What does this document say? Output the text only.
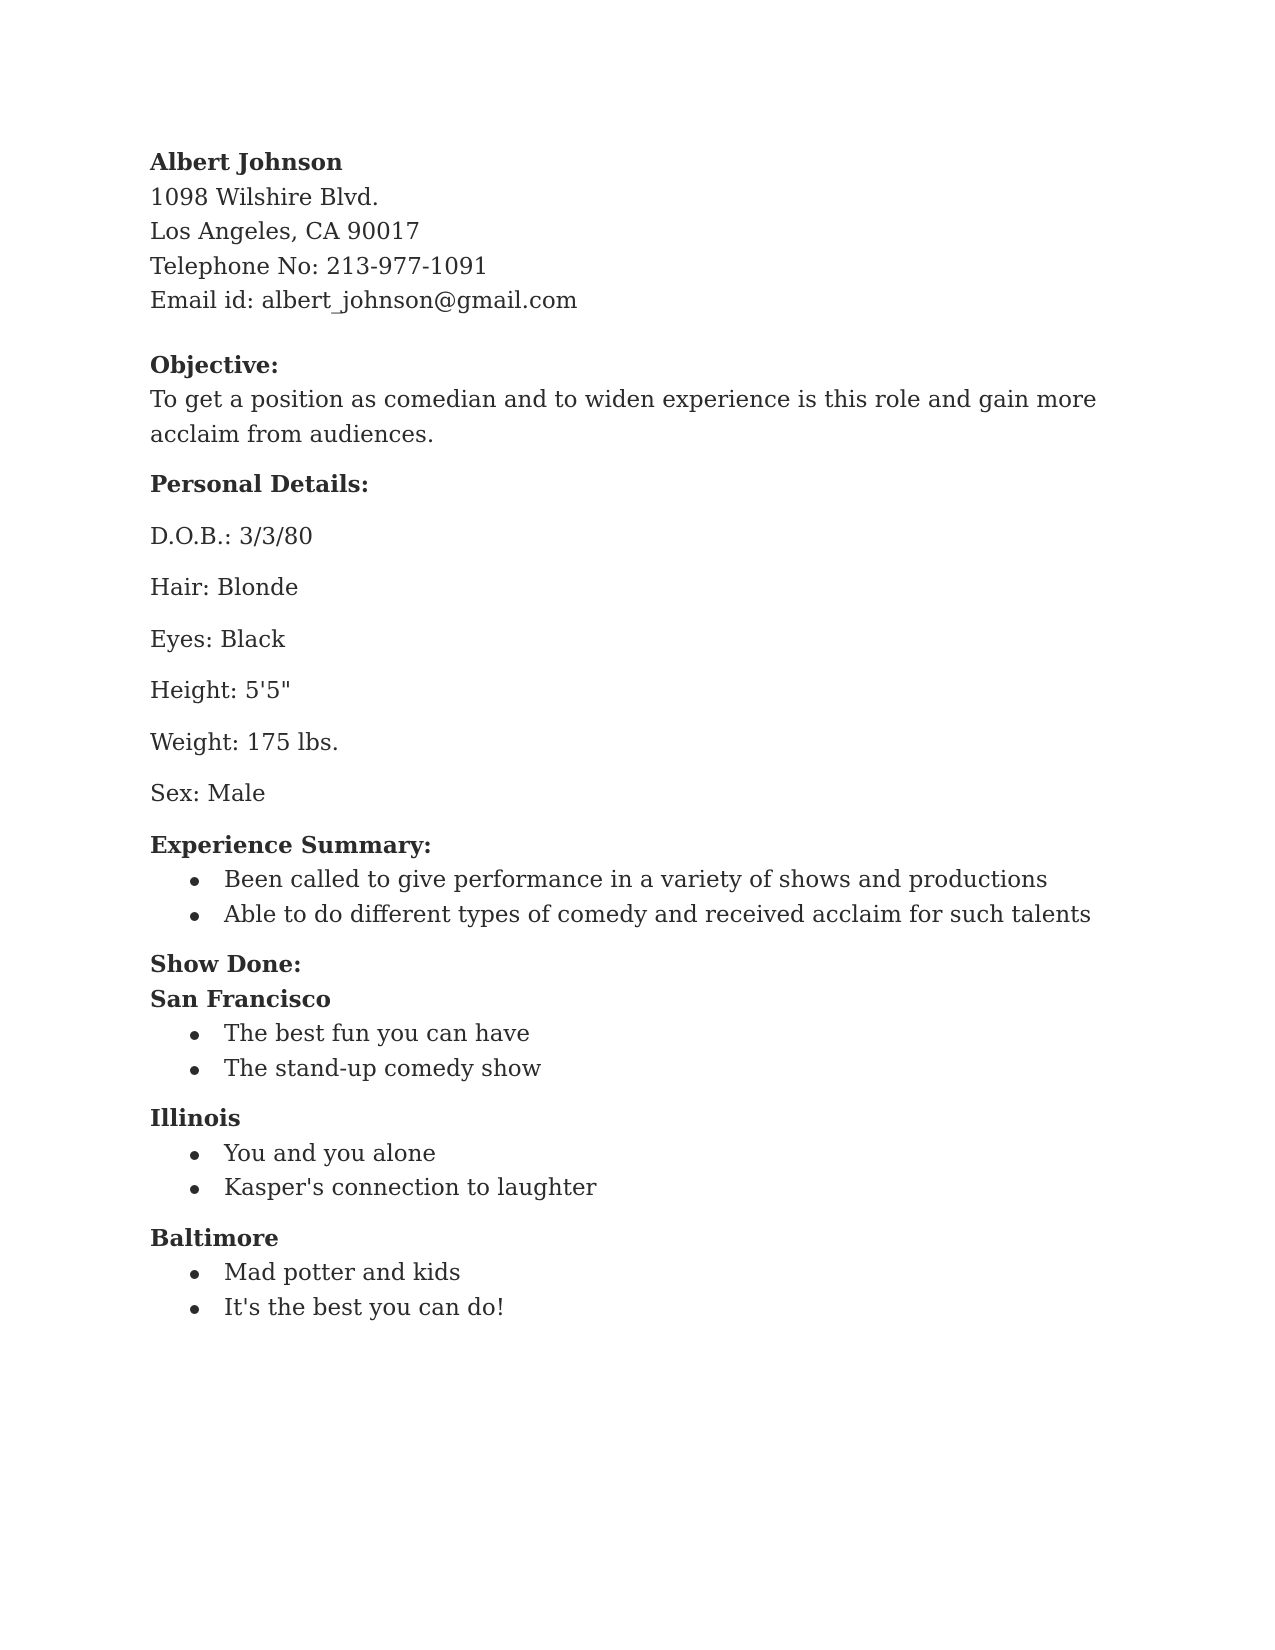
Albert Johnson
1098 Wilshire Blvd.
Los Angeles, CA 90017
Telephone No: 213-977-1091
Email id: albert_johnson@gmail.com
Objective:
To get a position as comedian and to widen experience is this role and gain more acclaim from audiences.
Personal Details:
D.O.B.: 3/3/80
Hair: Blonde
Eyes: Black
Height: 5'5"
Weight: 175 lbs.
Sex: Male
Experience Summary:
Been called to give performance in a variety of shows and productions
Able to do different types of comedy and received acclaim for such talents
Show Done:
San Francisco
The best fun you can have
The stand-up comedy show
Illinois
You and you alone
Kasper's connection to laughter
Baltimore
Mad potter and kids
It's the best you can do!
